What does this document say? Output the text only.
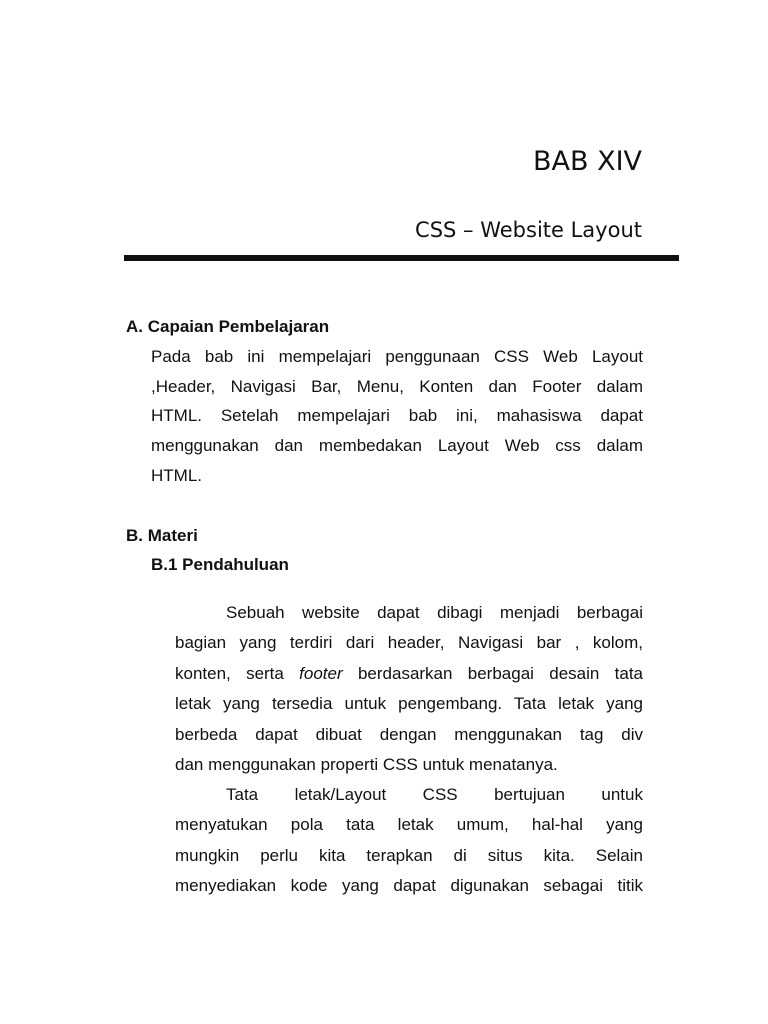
BAB XIV
CSS – Website Layout
A. Capaian Pembelajaran
Pada bab ini mempelajari penggunaan CSS Web Layout
,Header, Navigasi Bar, Menu, Konten dan Footer dalam
HTML. Setelah mempelajari bab ini, mahasiswa dapat
menggunakan dan membedakan Layout Web css dalam
HTML.
B. Materi
B.1 Pendahuluan
Sebuah website dapat dibagi menjadi berbagai
bagian yang terdiri dari header, Navigasi bar , kolom,
konten, serta footer berdasarkan berbagai desain tata
letak yang tersedia untuk pengembang. Tata letak yang
berbeda dapat dibuat dengan menggunakan tag div
dan menggunakan properti CSS untuk menatanya.
Tata letak/Layout CSS bertujuan untuk
menyatukan pola tata letak umum, hal-hal yang
mungkin perlu kita terapkan di situs kita. Selain
menyediakan kode yang dapat digunakan sebagai titik
